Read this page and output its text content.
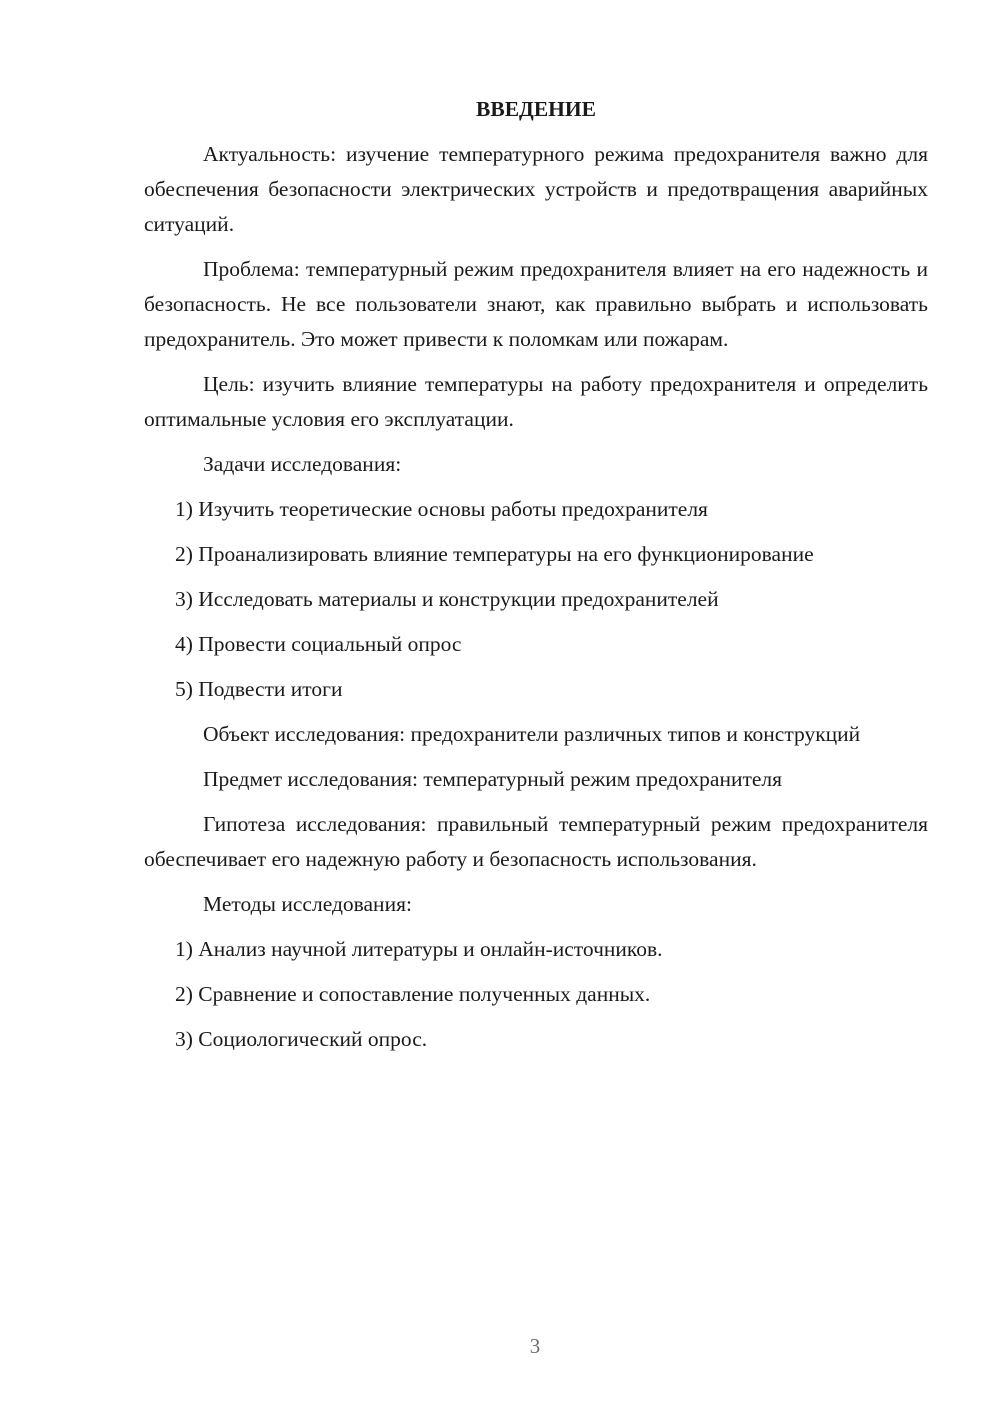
ВВЕДЕНИЕ

Актуальность: изучение температурного режима предохранителя важно для обеспечения безопасности электрических устройств и предотвращения аварийных ситуаций.

Проблема: температурный режим предохранителя влияет на его надежность и безопасность. Не все пользователи знают, как правильно выбрать и использовать предохранитель. Это может привести к поломкам или пожарам.

Цель: изучить влияние температуры на работу предохранителя и определить оптимальные условия его эксплуатации.

Задачи исследования:

1) Изучить теоретические основы работы предохранителя
2) Проанализировать влияние температуры на его функционирование
3) Исследовать материалы и конструкции предохранителей
4) Провести социальный опрос
5) Подвести итоги

Объект исследования: предохранители различных типов и конструкций

Предмет исследования: температурный режим предохранителя

Гипотеза исследования: правильный температурный режим предохранителя обеспечивает его надежную работу и безопасность использования.

Методы исследования:

1) Анализ научной литературы и онлайн-источников.
2) Сравнение и сопоставление полученных данных.
3) Социологический опрос.
3
